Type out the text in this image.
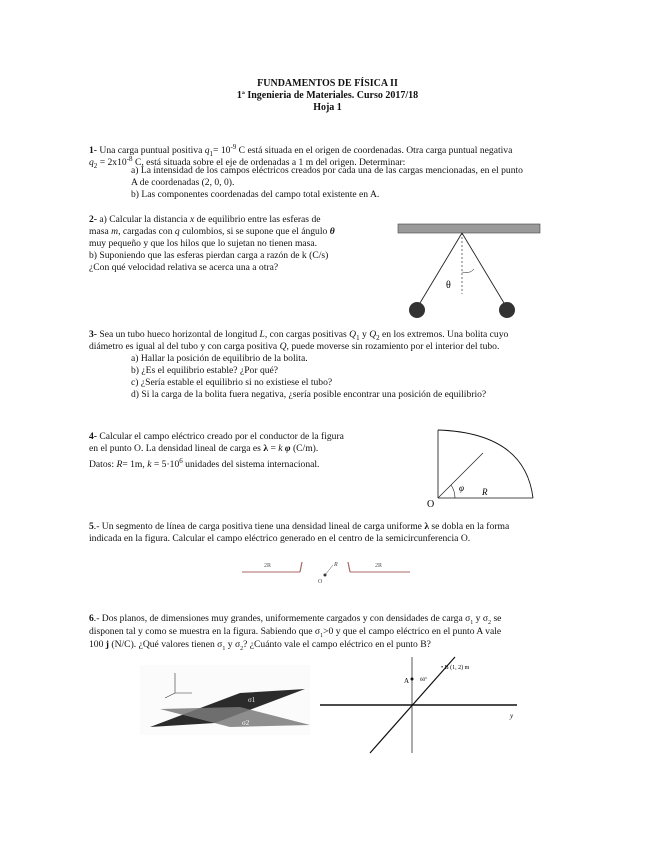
FUNDAMENTOS DE FÍSICA II
1ª Ingenieria de Materiales. Curso 2017/18
Hoja 1
1- Una carga puntual positiva $q_1= 10^{-9}$ C está situada en el origen de coordenadas. Otra carga puntual negativa
$q_2 = 2x10^{-8}$ C, está situada sobre el eje de ordenadas a 1 m del origen. Determinar:
a) La intensidad de los campos eléctricos creados por cada una de las cargas mencionadas, en el punto
A de coordenadas (2, 0, 0).
b) Las componentes coordenadas del campo total existente en A.
2- a) Calcular la distancia x de equilibrio entre las esferas de
masa m, cargadas con q culombios, si se supone que el ángulo θ
muy pequeño y que los hilos que lo sujetan no tienen masa.
b) Suponiendo que las esferas pierdan carga a razón de k (C/s)
¿Con qué velocidad relativa se acerca una a otra?
θ
3- Sea un tubo hueco horizontal de longitud L, con cargas positivas $Q_1$ y $Q_2$ en los extremos. Una bolita cuyo
diámetro es igual al del tubo y con carga positiva Q, puede moverse sin rozamiento por el interior del tubo.
a) Hallar la posición de equilibrio de la bolita.
b) ¿Es el equilibrio estable? ¿Por qué?
c) ¿Sería estable el equilibrio si no existiese el tubo?
d) Si la carga de la bolita fuera negativa, ¿sería posible encontrar una posición de equilibrio?
4- Calcular el campo eléctrico creado por el conductor de la figura
en el punto O. La densidad lineal de carga es λ = k φ (C/m).
Datos: R= 1m, $k = 5\cdot 10^6$ unidades del sistema internacional.
O
φ R
5.- Un segmento de línea de carga positiva tiene una densidad lineal de carga uniforme λ se dobla en la forma
indicada en la figura. Calcular el campo eléctrico generado en el centro de la semicircunferencia O.
2R	2R
R
O
6.- Dos planos, de dimensiones muy grandes, uniformemente cargados y con densidades de carga $\sigma_1$ y $\sigma_2$ se
disponen tal y como se muestra en la figura. Sabiendo que $\sigma_1>0$ y que el campo eléctrico en el punto A vale
100 j (N/C). ¿Qué valores tienen $\sigma_1$ y $\sigma_2$? ¿Cuánto vale el campo eléctrico en el punto B?
σ1
σ2
A
• B (1, 2) m
y
60°
